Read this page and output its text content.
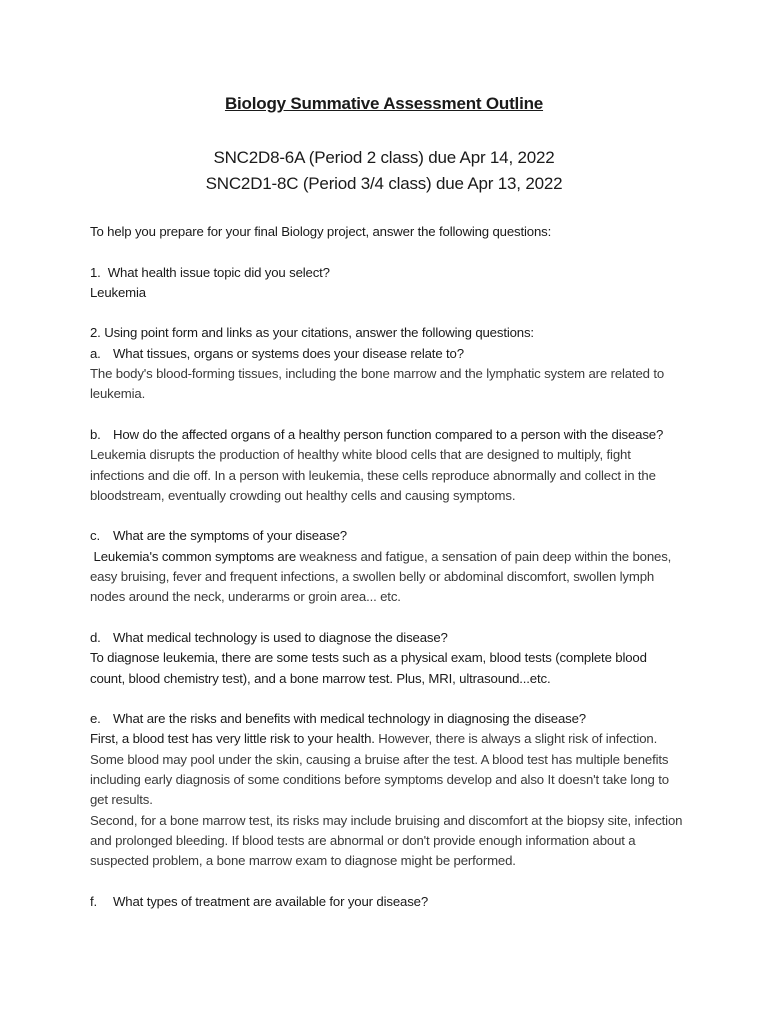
Biology Summative Assessment Outline
SNC2D8-6A (Period 2 class) due Apr 14, 2022
SNC2D1-8C (Period 3/4 class) due Apr 13, 2022

To help you prepare for your final Biology project, answer the following questions:

1. What health issue topic did you select?

Leukemia

2. Using point form and links as your citations, answer the following questions:

a. What tissues, organs or systems does your disease relate to?

The body's blood-forming tissues, including the bone marrow and the lymphatic system are related to leukemia.

b. How do the affected organs of a healthy person function compared to a person with the disease?

Leukemia disrupts the production of healthy white blood cells that are designed to multiply, fight infections and die off. In a person with leukemia, these cells reproduce abnormally and collect in the bloodstream, eventually crowding out healthy cells and causing symptoms.

c. What are the symptoms of your disease?

Leukemia's common symptoms are weakness and fatigue, a sensation of pain deep within the bones, easy bruising, fever and frequent infections, a swollen belly or abdominal discomfort, swollen lymph nodes around the neck, underarms or groin area... etc.

d. What medical technology is used to diagnose the disease?

To diagnose leukemia, there are some tests such as a physical exam, blood tests (complete blood count, blood chemistry test), and a bone marrow test. Plus, MRI, ultrasound...etc.

e. What are the risks and benefits with medical technology in diagnosing the disease?

First, a blood test has very little risk to your health. However, there is always a slight risk of infection. Some blood may pool under the skin, causing a bruise after the test. A blood test has multiple benefits including early diagnosis of some conditions before symptoms develop and also It doesn't take long to get results.

Second, for a bone marrow test, its risks may include bruising and discomfort at the biopsy site, infection and prolonged bleeding. If blood tests are abnormal or don't provide enough information about a suspected problem, a bone marrow exam to diagnose might be performed.

f. What types of treatment are available for your disease?
